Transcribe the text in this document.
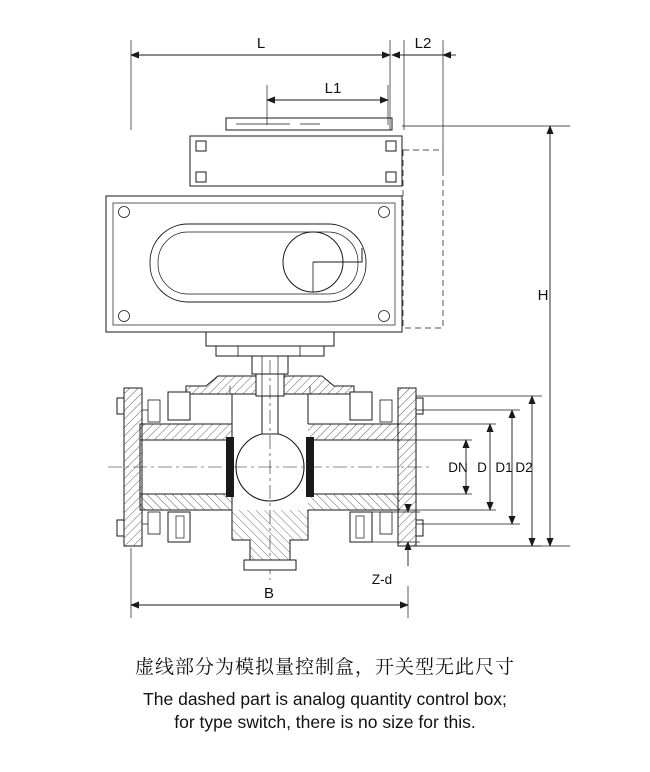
L	L2
L1
H
DN D D1 D2
Z-d
B

虚线部分为模拟量控制盒，开关型无此尺寸

The dashed part is analog quantity control box;

for type switch, there is no size for this.
